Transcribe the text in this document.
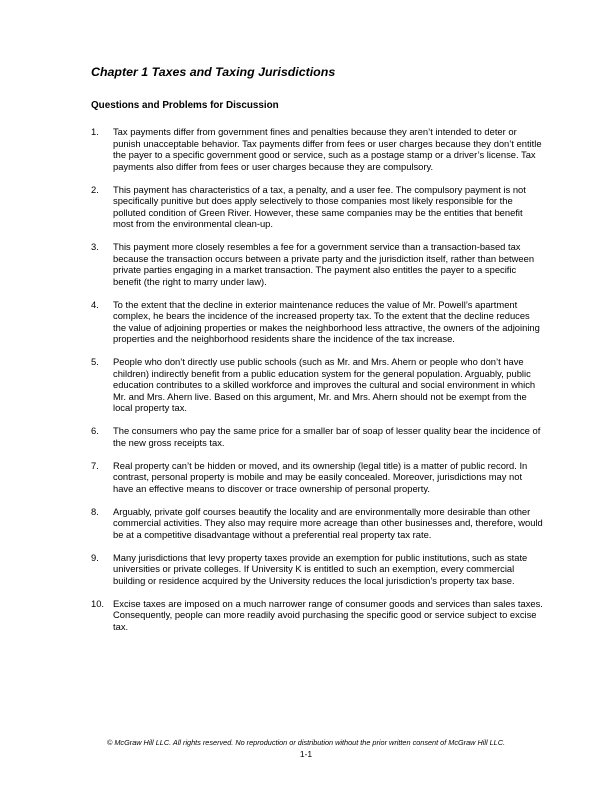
Chapter 1 Taxes and Taxing Jurisdictions
Questions and Problems for Discussion
1. Tax payments differ from government fines and penalties because they aren’t intended to deter or punish unacceptable behavior. Tax payments differ from fees or user charges because they don’t entitle the payer to a specific government good or service, such as a postage stamp or a driver’s license. Tax payments also differ from fees or user charges because they are compulsory.
2. This payment has characteristics of a tax, a penalty, and a user fee. The compulsory payment is not specifically punitive but does apply selectively to those companies most likely responsible for the polluted condition of Green River. However, these same companies may be the entities that benefit most from the environmental clean-up.
3. This payment more closely resembles a fee for a government service than a transaction-based tax because the transaction occurs between a private party and the jurisdiction itself, rather than between private parties engaging in a market transaction. The payment also entitles the payer to a specific benefit (the right to marry under law).
4. To the extent that the decline in exterior maintenance reduces the value of Mr. Powell’s apartment complex, he bears the incidence of the increased property tax. To the extent that the decline reduces the value of adjoining properties or makes the neighborhood less attractive, the owners of the adjoining properties and the neighborhood residents share the incidence of the tax increase.
5. People who don’t directly use public schools (such as Mr. and Mrs. Ahern or people who don’t have children) indirectly benefit from a public education system for the general population. Arguably, public education contributes to a skilled workforce and improves the cultural and social environment in which Mr. and Mrs. Ahern live. Based on this argument, Mr. and Mrs. Ahern should not be exempt from the local property tax.
6. The consumers who pay the same price for a smaller bar of soap of lesser quality bear the incidence of the new gross receipts tax.
7. Real property can’t be hidden or moved, and its ownership (legal title) is a matter of public record. In contrast, personal property is mobile and may be easily concealed. Moreover, jurisdictions may not have an effective means to discover or trace ownership of personal property.
8. Arguably, private golf courses beautify the locality and are environmentally more desirable than other commercial activities. They also may require more acreage than other businesses and, therefore, would be at a competitive disadvantage without a preferential real property tax rate.
9. Many jurisdictions that levy property taxes provide an exemption for public institutions, such as state universities or private colleges. If University K is entitled to such an exemption, every commercial building or residence acquired by the University reduces the local jurisdiction’s property tax base.
10. Excise taxes are imposed on a much narrower range of consumer goods and services than sales taxes. Consequently, people can more readily avoid purchasing the specific good or service subject to excise tax.

© McGraw Hill LLC. All rights reserved. No reproduction or distribution without the prior written consent of McGraw Hill LLC.

1-1
